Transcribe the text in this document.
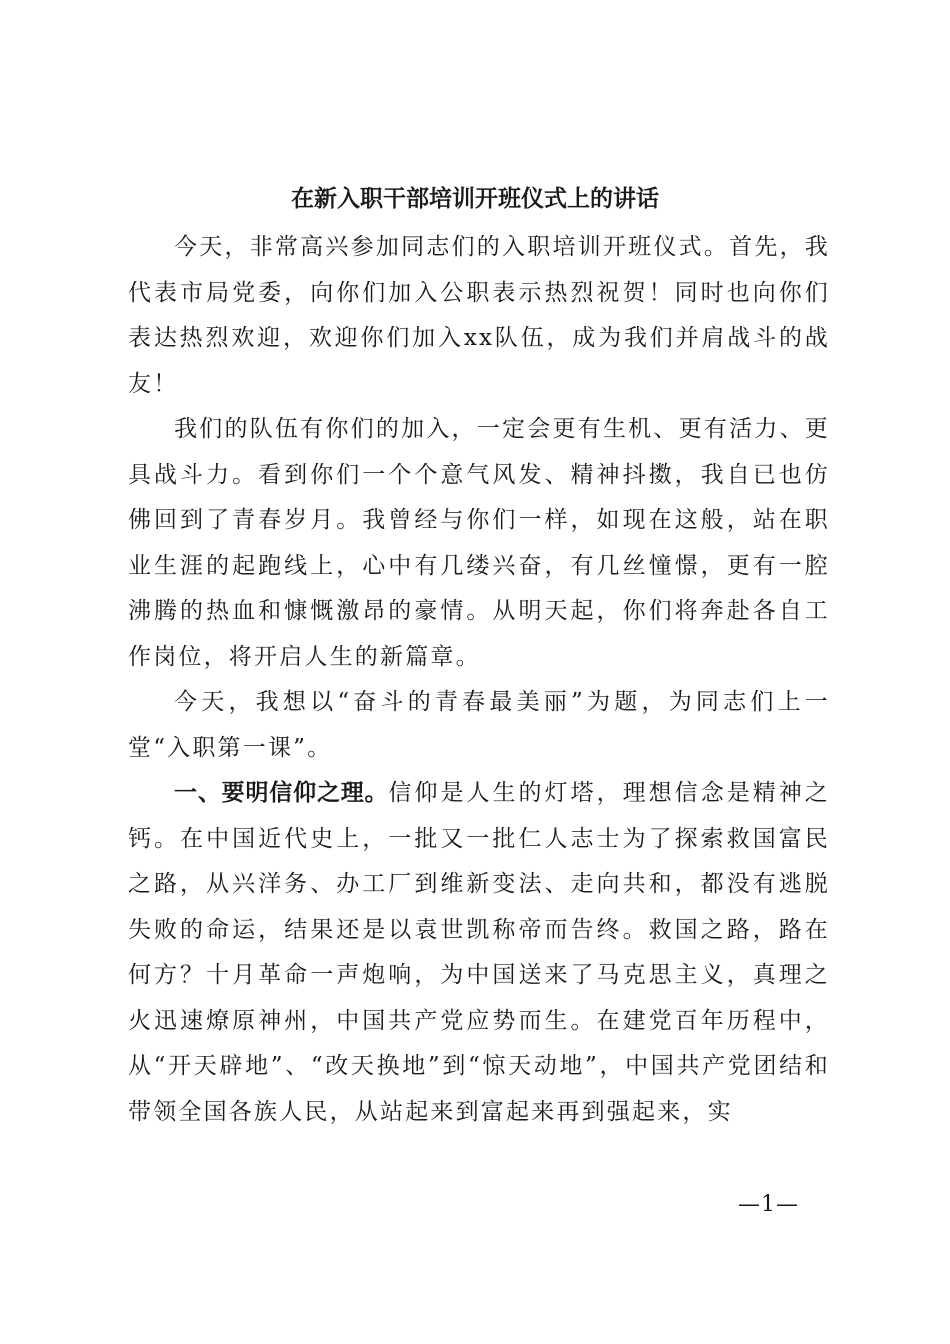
在新入职干部培训开班仪式上的讲话

今天，非常高兴参加同志们的入职培训开班仪式。首先，我代表市局党委，向你们加入公职表示热烈祝贺！同时也向你们表达热烈欢迎，欢迎你们加入xx队伍，成为我们并肩战斗的战友！

我们的队伍有你们的加入，一定会更有生机、更有活力、更具战斗力。看到你们一个个意气风发、精神抖擞，我自已也仿佛回到了青春岁月。我曾经与你们一样，如现在这般，站在职业生涯的起跑线上，心中有几缕兴奋，有几丝憧憬，更有一腔沸腾的热血和慷慨激昂的豪情。从明天起，你们将奔赴各自工作岗位，将开启人生的新篇章。

今天，我想以“奋斗的青春最美丽”为题，为同志们上一堂“入职第一课”。

一、要明信仰之理。信仰是人生的灯塔，理想信念是精神之钙。在中国近代史上，一批又一批仁人志士为了探索救国富民之路，从兴洋务、办工厂到维新变法、走向共和，都没有逃脱失败的命运，结果还是以袁世凯称帝而告终。救国之路，路在何方？十月革命一声炮响，为中国送来了马克思主义，真理之火迅速燎原神州，中国共产党应势而生。在建党百年历程中，从“开天辟地”、“改天换地”到“惊天动地”，中国共产党团结和带领全国各族人民，从站起来到富起来再到强起来，实

—1—
